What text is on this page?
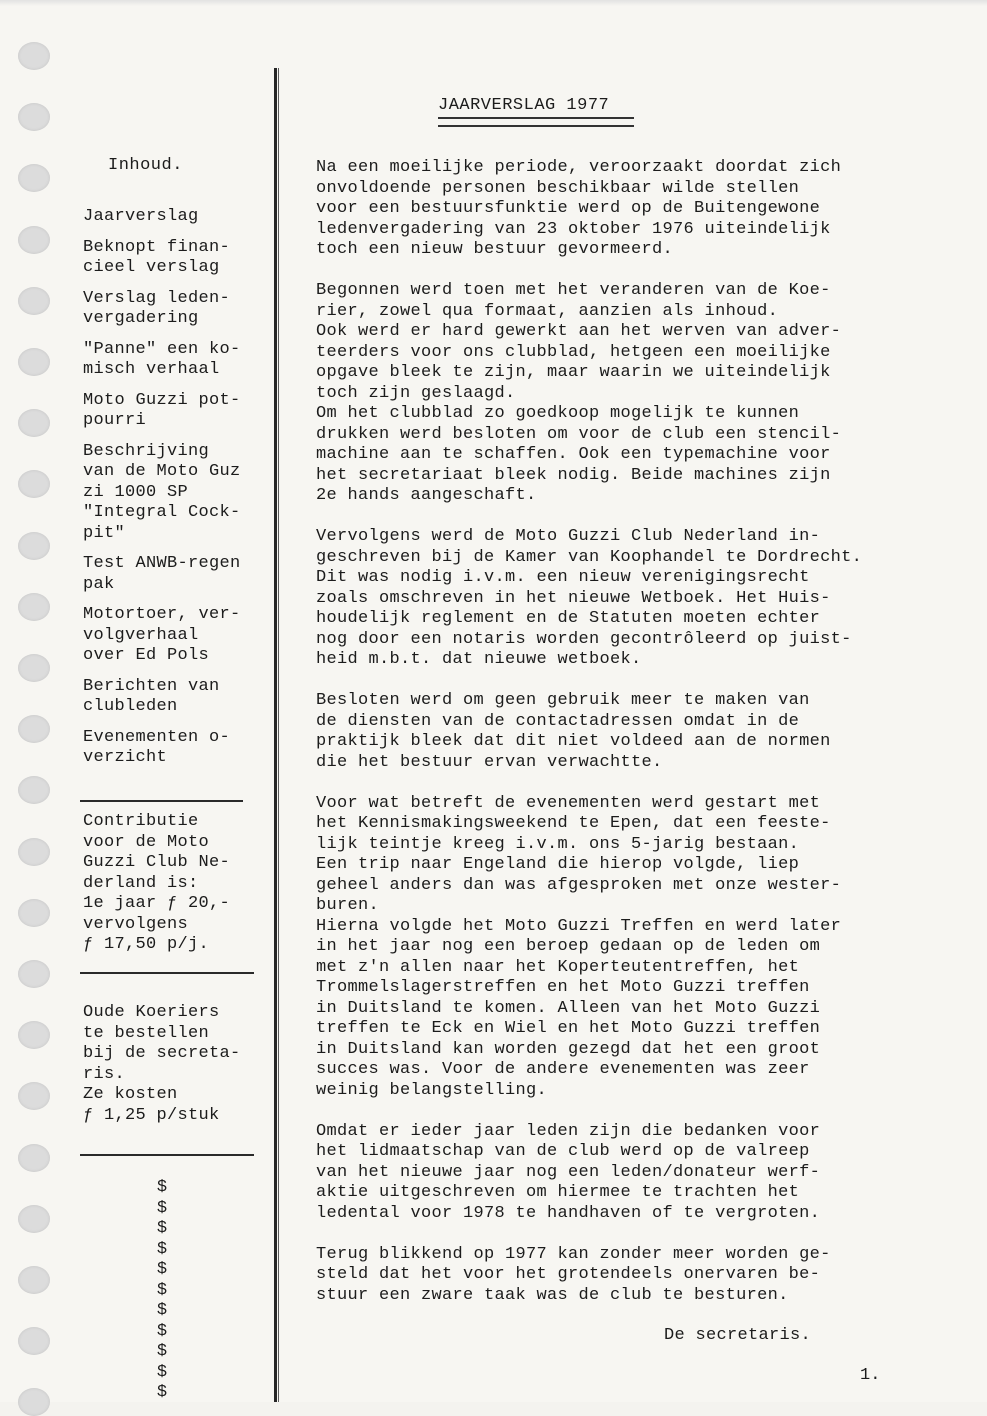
Inhoud.
Jaarverslag
Beknopt finan-
cieel verslag
Verslag leden-
vergadering
"Panne" een ko-
misch verhaal
Moto Guzzi pot-
pourri
Beschrijving
van de Moto Guz
zi 1000 SP
"Integral Cock-
pit"
Test ANWB-regen
pak
Motortoer, ver-
volgverhaal
over Ed Pols
Berichten van
clubleden
Evenementen o-
verzicht
Contributie
voor de Moto
Guzzi Club Ne-
derland is:
1e jaar ƒ 20,-
vervolgens
ƒ 17,50 p/j.
Oude Koeriers
te bestellen
bij de secreta-
ris.
Ze kosten
ƒ 1,25 p/stuk
$
$
$
$
$
$
$
$
$
$
$
JAARVERSLAG 1977
Na een moeilijke periode, veroorzaakt doordat zich
onvoldoende personen beschikbaar wilde stellen
voor een bestuursfunktie werd op de Buitengewone
ledenvergadering van 23 oktober 1976 uiteindelijk
toch een nieuw bestuur gevormeerd.
Begonnen werd toen met het veranderen van de Koe-
rier, zowel qua formaat, aanzien als inhoud.
Ook werd er hard gewerkt aan het werven van adver-
teerders voor ons clubblad, hetgeen een moeilijke
opgave bleek te zijn, maar waarin we uiteindelijk
toch zijn geslaagd.
Om het clubblad zo goedkoop mogelijk te kunnen
drukken werd besloten om voor de club een stencil-
machine aan te schaffen. Ook een typemachine voor
het secretariaat bleek nodig. Beide machines zijn
2e hands aangeschaft.
Vervolgens werd de Moto Guzzi Club Nederland in-
geschreven bij de Kamer van Koophandel te Dordrecht.
Dit was nodig i.v.m. een nieuw verenigingsrecht
zoals omschreven in het nieuwe Wetboek. Het Huis-
houdelijk reglement en de Statuten moeten echter
nog door een notaris worden gecontrôleerd op juist-
heid m.b.t. dat nieuwe wetboek.
Besloten werd om geen gebruik meer te maken van
de diensten van de contactadressen omdat in de
praktijk bleek dat dit niet voldeed aan de normen
die het bestuur ervan verwachtte.
Voor wat betreft de evenementen werd gestart met
het Kennismakingsweekend te Epen, dat een feeste-
lijk teintje kreeg i.v.m. ons 5-jarig bestaan.
Een trip naar Engeland die hierop volgde, liep
geheel anders dan was afgesproken met onze wester-
buren.
Hierna volgde het Moto Guzzi Treffen en werd later
in het jaar nog een beroep gedaan op de leden om
met z'n allen naar het Koperteutentreffen, het
Trommelslagerstreffen en het Moto Guzzi treffen
in Duitsland te komen. Alleen van het Moto Guzzi
treffen te Eck en Wiel en het Moto Guzzi treffen
in Duitsland kan worden gezegd dat het een groot
succes was. Voor de andere evenementen was zeer
weinig belangstelling.
Omdat er ieder jaar leden zijn die bedanken voor
het lidmaatschap van de club werd op de valreep
van het nieuwe jaar nog een leden/donateur werf-
aktie uitgeschreven om hiermee te trachten het
ledental voor 1978 te handhaven of te vergroten.
Terug blikkend op 1977 kan zonder meer worden ge-
steld dat het voor het grotendeels onervaren be-
stuur een zware taak was de club te besturen.
De secretaris.
1.
